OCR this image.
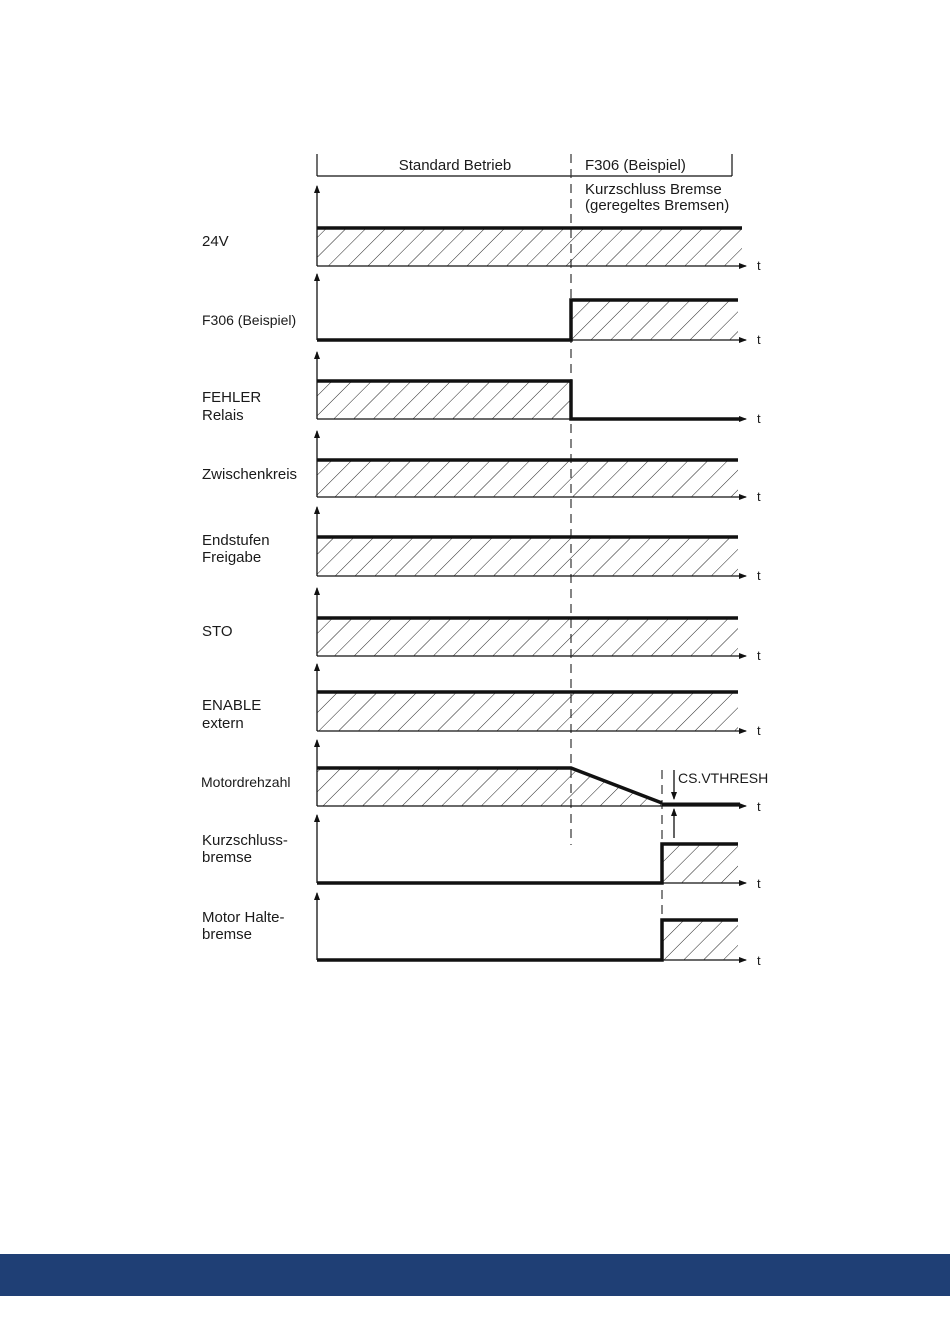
Standard Betrieb	F306 (Beispiel)
Kurzschluss Bremse
(geregeltes Bremsen)
t
24V
t
F306 (Beispiel)
t
FEHLER
Relais
t
Zwischenkreis
t
Endstufen
Freigabe
t
STO
t
ENABLE
extern
CS.VTHRESH
t
Motordrehzahl
t
Kurzschluss-
bremse
t
Motor Halte-
bremse
